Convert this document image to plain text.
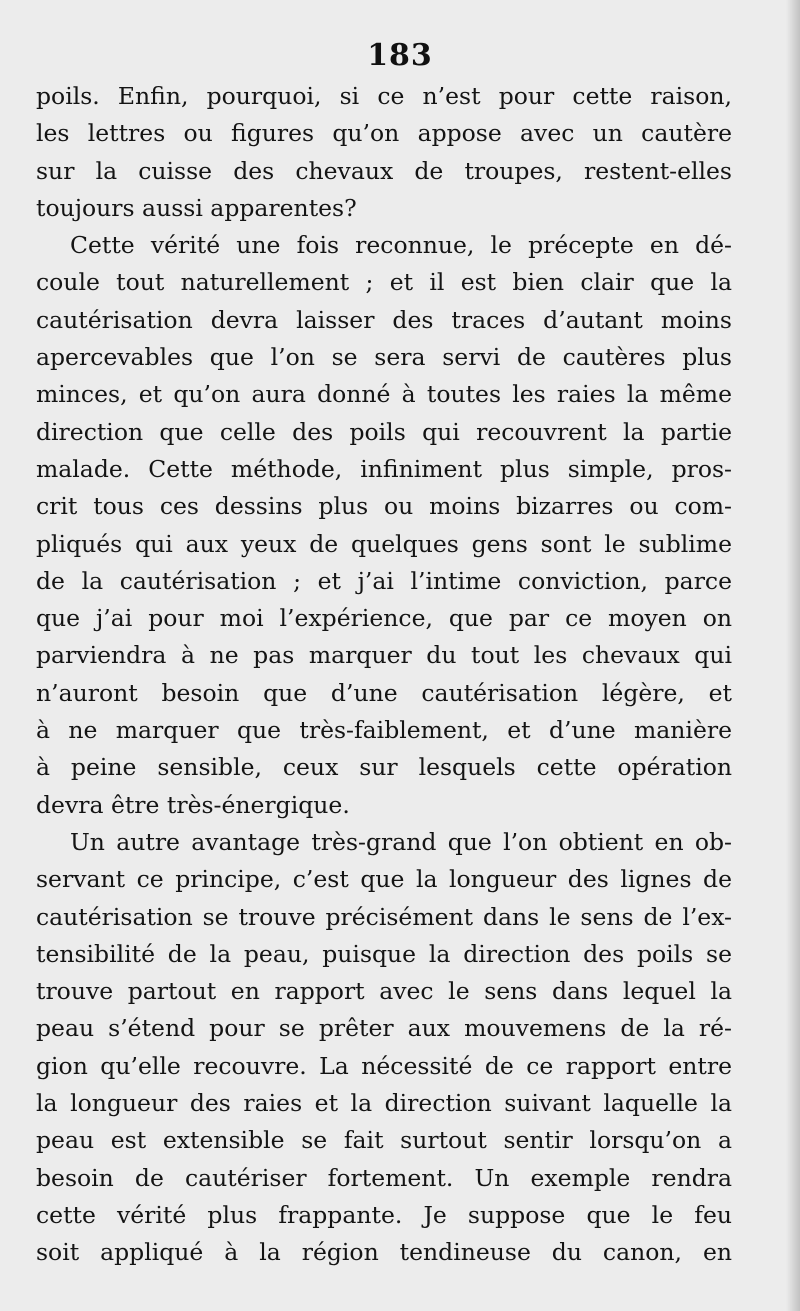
183
poils. Enfin, pourquoi, si ce n’est pour cette raison,
les lettres ou figures qu’on appose avec un cautère
sur la cuisse des chevaux de troupes, restent-elles
toujours aussi apparentes?
Cette vérité une fois reconnue, le précepte en dé-
coule tout naturellement ; et il est bien clair que la
cautérisation devra laisser des traces d’autant moins
apercevables que l’on se sera servi de cautères plus
minces, et qu’on aura donné à toutes les raies la même
direction que celle des poils qui recouvrent la partie
malade. Cette méthode, infiniment plus simple, pros-
crit tous ces dessins plus ou moins bizarres ou com-
pliqués qui aux yeux de quelques gens sont le sublime
de la cautérisation ; et j’ai l’intime conviction, parce
que j’ai pour moi l’expérience, que par ce moyen on
parviendra à ne pas marquer du tout les chevaux qui
n’auront besoin que d’une cautérisation légère, et
à ne marquer que très-faiblement, et d’une manière
à peine sensible, ceux sur lesquels cette opération
devra être très-énergique.
Un autre avantage très-grand que l’on obtient en ob-
servant ce principe, c’est que la longueur des lignes de
cautérisation se trouve précisément dans le sens de l’ex-
tensibilité de la peau, puisque la direction des poils se
trouve partout en rapport avec le sens dans lequel la
peau s’étend pour se prêter aux mouvemens de la ré-
gion qu’elle recouvre. La nécessité de ce rapport entre
la longueur des raies et la direction suivant laquelle la
peau est extensible se fait surtout sentir lorsqu’on a
besoin de cautériser fortement. Un exemple rendra
cette vérité plus frappante. Je suppose que le feu
soit appliqué à la région tendineuse du canon, en
